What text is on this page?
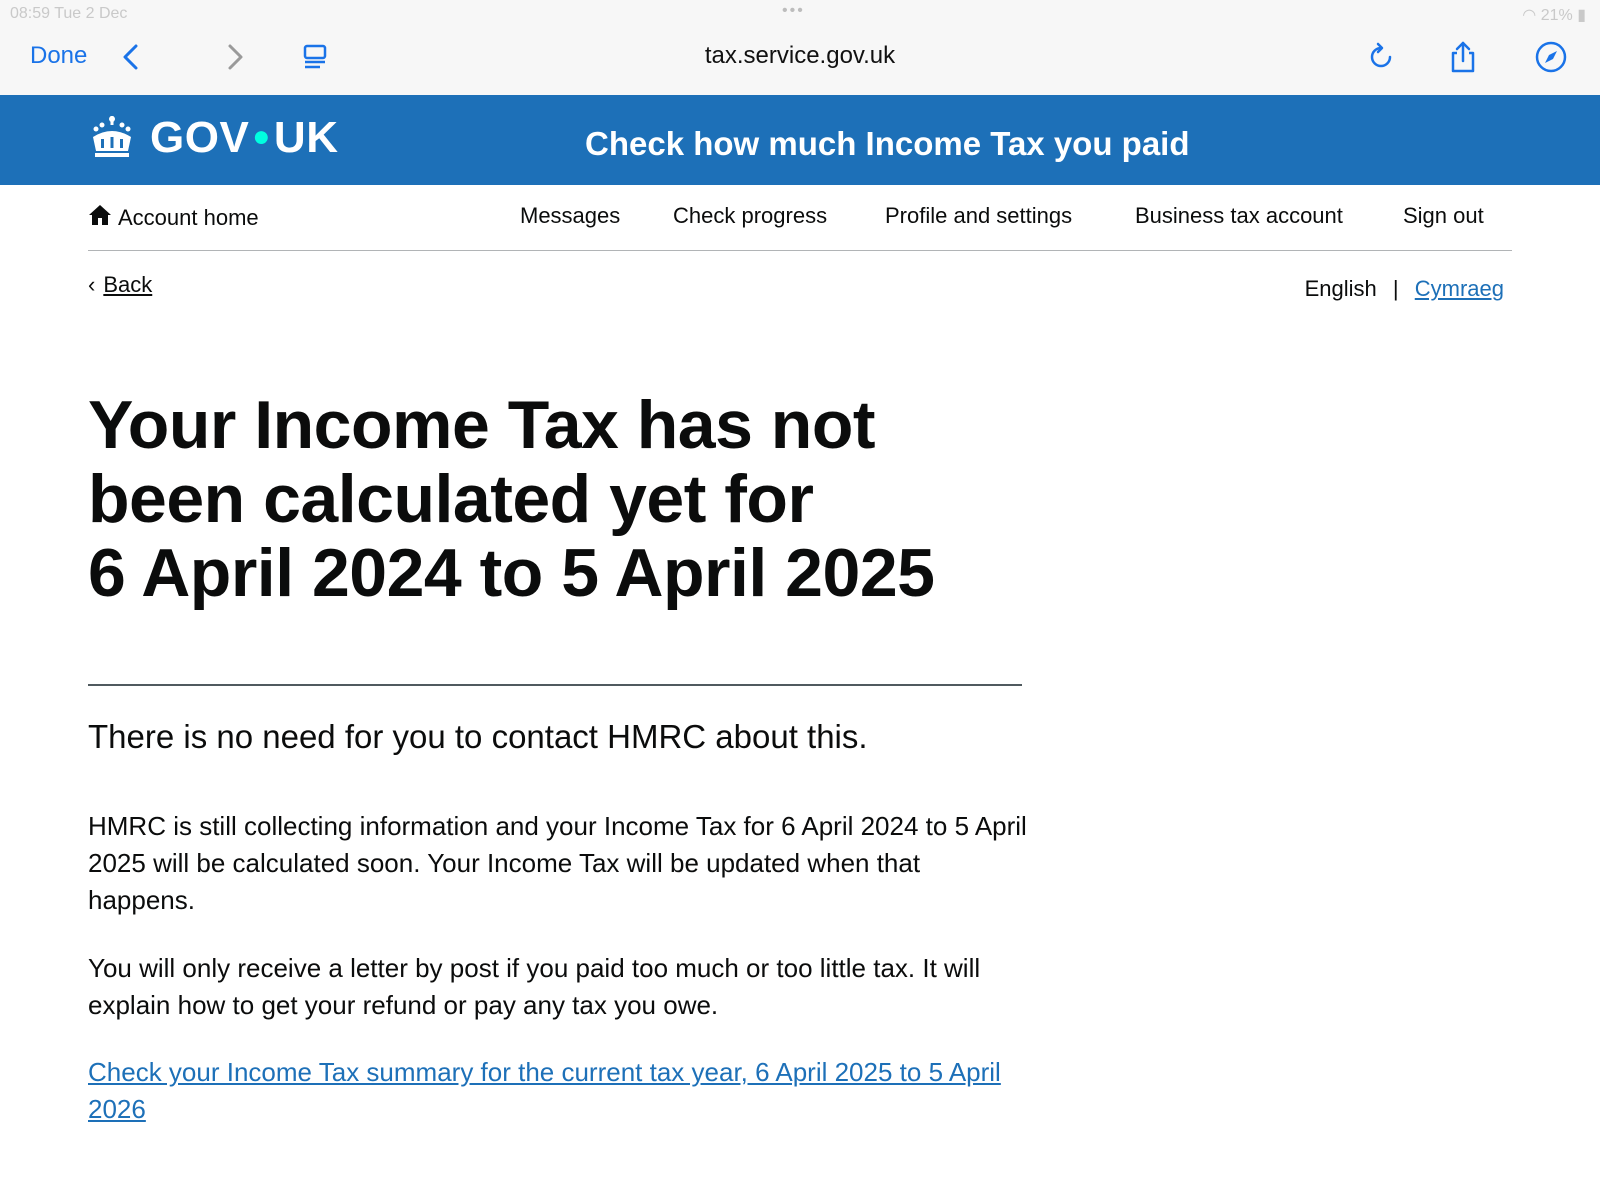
08:59 Tue 2 Dec	•••	◠ 21% ▮
Done	tax.service.gov.uk
GOV ●UK	Check how much Income Tax you paid
Account home	Messages Check progress	Profile and settings	Business tax account	Sign out
‹ Back	English | Cymraeg
Your Income Tax has not
been calculated yet for
6 April 2024 to 5 April 2025

There is no need for you to contact HMRC about this.

HMRC is still collecting information and your Income Tax for 6 April 2024 to 5 April 2025 will be calculated soon. Your Income Tax will be updated when that happens.

You will only receive a letter by post if you paid too much or too little tax. It will explain how to get your refund or pay any tax you owe.

Check your Income Tax summary for the current tax year, 6 April 2025 to 5 April 2026
